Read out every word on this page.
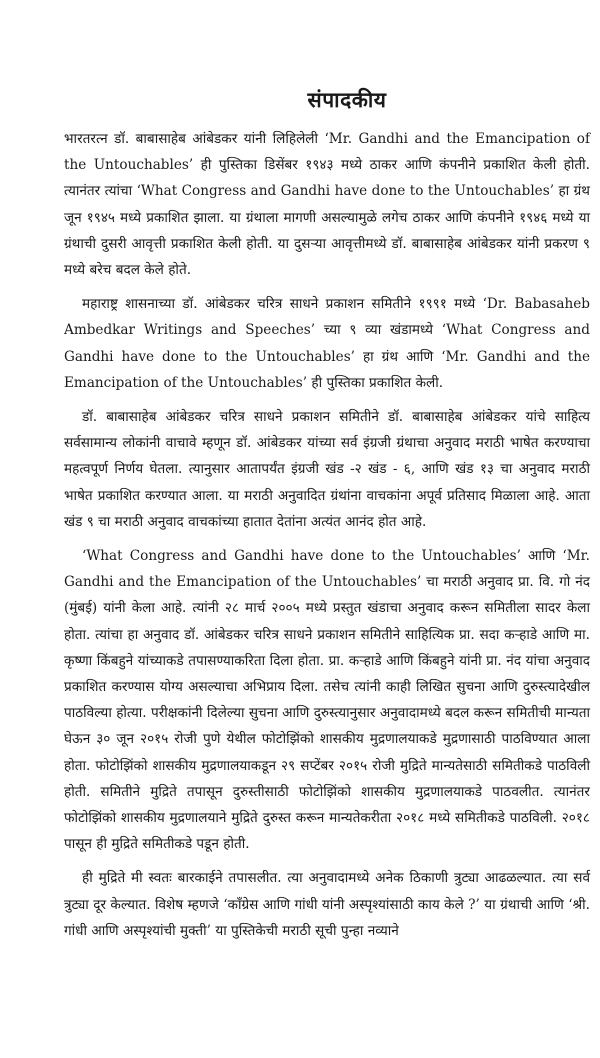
संपादकीय

भारतरत्न डॉ. बाबासाहेब आंबेडकर यांनी लिहिलेली ‘Mr. Gandhi and the Emancipation of the Untouchables’ ही पुस्तिका डिसेंबर १९४३ मध्ये ठाकर आणि कंपनीने प्रकाशित केली होती. त्यानंतर त्यांचा ‘What Congress and Gandhi have done to the Untouchables’ हा ग्रंथ जून १९४५ मध्ये प्रकाशित झाला. या ग्रंथाला मागणी असल्यामुळे लगेच ठाकर आणि कंपनीने १९४६ मध्ये या ग्रंथाची दुसरी आवृत्ती प्रकाशित केली होती. या दुसऱ्या आवृत्तीमध्ये डॉ. बाबासाहेब आंबेडकर यांनी प्रकरण ९ मध्ये बरेच बदल केले होते.

महाराष्ट्र शासनाच्या डॉ. आंबेडकर चरित्र साधने प्रकाशन समितीने १९९१ मध्ये ‘Dr. Babasaheb Ambedkar Writings and Speeches’ च्या ९ व्या खंडामध्ये ‘What Congress and Gandhi have done to the Untouchables’ हा ग्रंथ आणि ‘Mr. Gandhi and the Emancipation of the Untouchables’ ही पुस्तिका प्रकाशित केली.

डॉ. बाबासाहेब आंबेडकर चरित्र साधने प्रकाशन समितीने डॉ. बाबासाहेब आंबेडकर यांचे साहित्य सर्वसामान्य लोकांनी वाचावे म्हणून डॉ. आंबेडकर यांच्या सर्व इंग्रजी ग्रंथाचा अनुवाद मराठी भाषेत करण्याचा महत्वपूर्ण निर्णय घेतला. त्यानुसार आतापर्यंत इंग्रजी खंड -२ खंड - ६, आणि खंड १३ चा अनुवाद मराठी भाषेत प्रकाशित करण्यात आला. या मराठी अनुवादित ग्रंथांना वाचकांना अपूर्व प्रतिसाद मिळाला आहे. आता खंड ९ चा मराठी अनुवाद वाचकांच्या हातात देतांना अत्यंत आनंद होत आहे.

‘What Congress and Gandhi have done to the Untouchables’ आणि ‘Mr. Gandhi and the Emancipation of the Untouchables’ चा मराठी अनुवाद प्रा. वि. गो नंद (मुंबई) यांनी केला आहे. त्यांनी २८ मार्च २००५ मध्ये प्रस्तुत खंडाचा अनुवाद करून समितीला सादर केला होता. त्यांचा हा अनुवाद डॉ. आंबेडकर चरित्र साधने प्रकाशन समितीने साहित्यिक प्रा. सदा कऱ्हाडे आणि मा. कृष्णा किंबहुने यांच्याकडे तपासण्याकरिता दिला होता. प्रा. कऱ्हाडे आणि किंबहुने यांनी प्रा. नंद यांचा अनुवाद प्रकाशित करण्यास योग्य असल्याचा अभिप्राय दिला. तसेच त्यांनी काही लिखित सुचना आणि दुरुस्त्यादेखील पाठविल्या होत्या. परीक्षकांनी दिलेल्या सुचना आणि दुरुस्त्यानुसार अनुवादामध्ये बदल करून समितीची मान्यता घेऊन ३० जून २०१५ रोजी पुणे येथील फोटोझिंको शासकीय मुद्रणालयाकडे मुद्रणासाठी पाठविण्यात आला होता. फोटोझिंको शासकीय मुद्रणालयाकडून २९ सप्टेंबर २०१५ रोजी मुद्रिते मान्यतेसाठी समितीकडे पाठविली होती. समितीने मुद्रिते तपासून दुरुस्तीसाठी फोटोझिंको शासकीय मुद्रणालयाकडे पाठवलीत. त्यानंतर फोटोझिंको शासकीय मुद्रणालयाने मुद्रिते दुरुस्त करून मान्यतेकरीता २०१८ मध्ये समितीकडे पाठविली. २०१८ पासून ही मुद्रिते समितीकडे पडून होती.

ही मुद्रिते मी स्वतः बारकाईने तपासलीत. त्या अनुवादामध्ये अनेक ठिकाणी त्रुट्या आढळल्यात. त्या सर्व त्रुट्या दूर केल्यात. विशेष म्हणजे ‘काँग्रेस आणि गांधी यांनी अस्पृश्यांसाठी काय केले ?’ या ग्रंथाची आणि ‘श्री. गांधी आणि अस्पृश्यांची मुक्ती’ या पुस्तिकेची मराठी सूची पुन्हा नव्याने
